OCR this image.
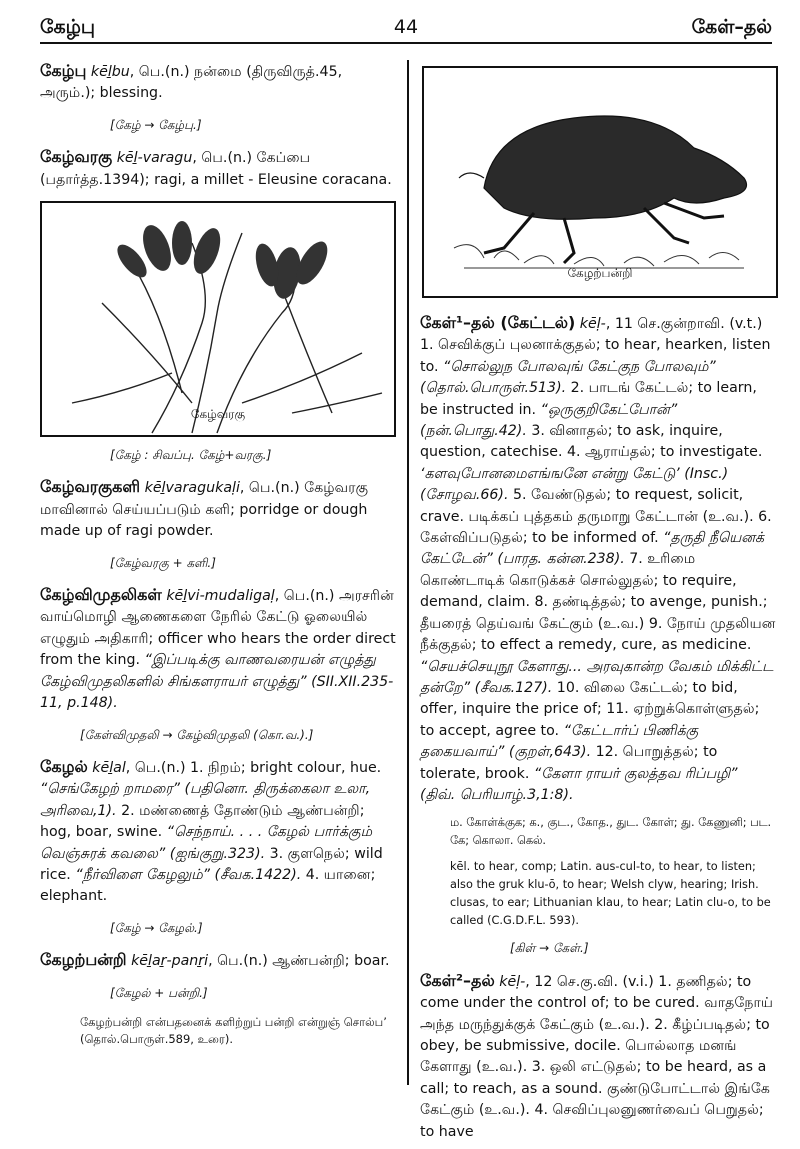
கேழ்பு	44	கேள்–தல்
கேழ்பு kēḻbu, பெ.(n.) நன்மை (திருவிருத்.45, அரும்.); blessing.
[கேழ் → கேழ்பு.]
கேழ்வரகு kēḻ-varagu, பெ.(n.) கேப்பை (பதார்த்த.1394); ragi, a millet - Eleusine coracana.
கேழ்வரகு
[கேழ் : சிவப்பு. கேழ்+வரகு.]
கேழ்வரகுகளி kēḻvaragukaḷi, பெ.(n.) கேழ்வரகு மாவினால் செய்யப்படும் களி; porridge or dough made up of ragi powder.
[கேழ்வரகு + களி.]
கேழ்விமுதலிகள் kēḻvi-mudaligaḷ, பெ.(n.) அரசரின் வாய்மொழி ஆணைகளை நேரில் கேட்டு ஓலையில் எழுதும் அதிகாரி; officer who hears the order direct from the king. “இப்படிக்கு வாணவரையன் எழுத்து கேழ்விமுதலிகளில் சிங்களராயர் எழுத்து” (SII.XII.235-11, p.148).
[கேள்விமுதலி → கேழ்விமுதலி (கொ.வ.).]
கேழல் kēḻal, பெ.(n.) 1. நிறம்; bright colour, hue. “செங்கேழற் றாமரை” (பதினொ. திருக்கைலா உலா, அரிவை,1). 2. மண்ணைத் தோண்டும் ஆண்பன்றி; hog, boar, swine. “செந்நாய். . . . கேழல் பார்க்கும் வெஞ்சுரக் கவலை” (ஐங்குறு.323). 3. குளநெல்; wild rice. “நீர்விளை கேழலும்” (சீவக.1422). 4. யானை; elephant.
[கேழ் → கேழல்.]
கேழற்பன்றி kēḻaṟ-panṟi, பெ.(n.) ஆண்பன்றி; boar.
[கேழல் + பன்றி.]
கேழற்பன்றி என்பதனைக் களிற்றுப் பன்றி என்றுஞ் சொல்ப’ (தொல்.பொருள்.589, உரை).
கேழற்பன்றி
கேள்¹–தல் (கேட்டல்) kēḷ-, 11 செ.குன்றாவி. (v.t.) 1. செவிக்குப் புலனாக்குதல்; to hear, hearken, listen to. “சொல்லுந போலவுங் கேட்குந போலவும்” (தொல்.பொருள்.513). 2. பாடங் கேட்டல்; to learn, be instructed in. “ஒருகுறிகேட்போன்” (நன்.பொது.42). 3. வினாதல்; to ask, inquire, question, catechise. 4. ஆராய்தல்; to investigate. ‘களவுபோனமைஎங்ஙனே என்று கேட்டு’ (Insc.) (சோழவ.66). 5. வேண்டுதல்; to request, solicit, crave. படிக்கப் புத்தகம் தருமாறு கேட்டான் (உ.வ.). 6. கேள்விப்படுதல்; to be informed of. “தருதி நீயெனக் கேட்டேன்” (பாரத. கன்ன.238). 7. உரிமை கொண்டாடிக் கொடுக்கச் சொல்லுதல்; to require, demand, claim. 8. தண்டித்தல்; to avenge, punish.; தீயரைத் தெய்வங் கேட்கும் (உ.வ.) 9. நோய் முதலியன நீக்குதல்; to effect a remedy, cure, as medicine. “செயச்செயுநூ கேளாது... அரவுகான்ற வேகம் மிக்கிட்ட தன்றே” (சீவக.127). 10. விலை கேட்டல்; to bid, offer, inquire the price of; 11. ஏற்றுக்கொள்ளுதல்; to accept, agree to. “கேட்டார்ப் பிணிக்கு தகையவாய்” (குறள்,643). 12. பொறுத்தல்; to tolerate, brook. “கேளா ராயர் குலத்தவ ரிப்பழி” (திவ். பெரியாழ்.3,1:8).
ம. கோள்க்குக; க., குட., கோத., துட. கோள்; து. கேணுனி; பட. கே; கொலா. கெல்.
kēl. to hear, comp; Latin. aus-cul-to, to hear, to listen; also the gruk klu-ō, to hear; Welsh clyw, hearing; Irish. clusas, to ear; Lithuanian klau, to hear; Latin clu-o, to be called (C.G.D.F.L. 593).
[கிள் → கேள்.]
கேள்²–தல் kēḷ-, 12 செ.கு.வி. (v.i.) 1. தணிதல்; to come under the control of; to be cured. வாதநோய் அந்த மருந்துக்குக் கேட்கும் (உ.வ.). 2. கீழ்ப்படிதல்; to obey, be submissive, docile. பொல்லாத மனங் கேளாது (உ.வ.). 3. ஒலி எட்டுதல்; to be heard, as a call; to reach, as a sound. குண்டுபோட்டால் இங்கே கேட்கும் (உ.வ.). 4. செவிப்புலனுணர்வைப் பெறுதல்; to have
